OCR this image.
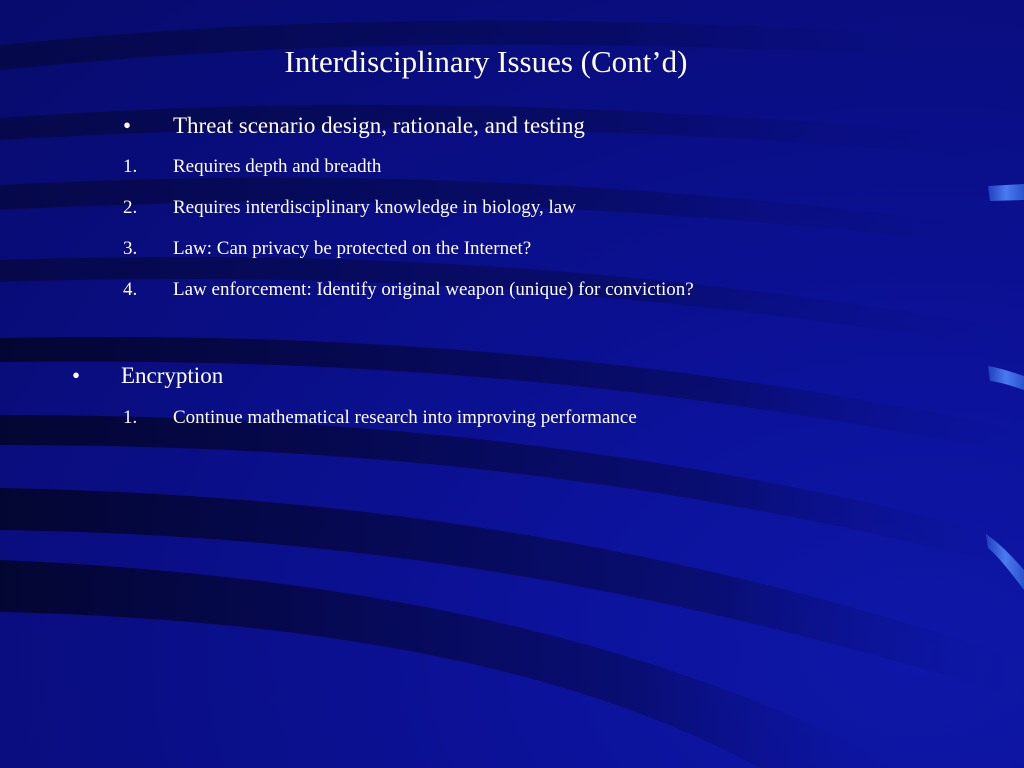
Interdisciplinary Issues (Cont’d)
• Threat scenario design, rationale, and testing
1. Requires depth and breadth
2. Requires interdisciplinary knowledge in biology, law
3. Law: Can privacy be protected on the Internet?
4. Law enforcement: Identify original weapon (unique) for conviction?
• Encryption
1. Continue mathematical research into improving performance
